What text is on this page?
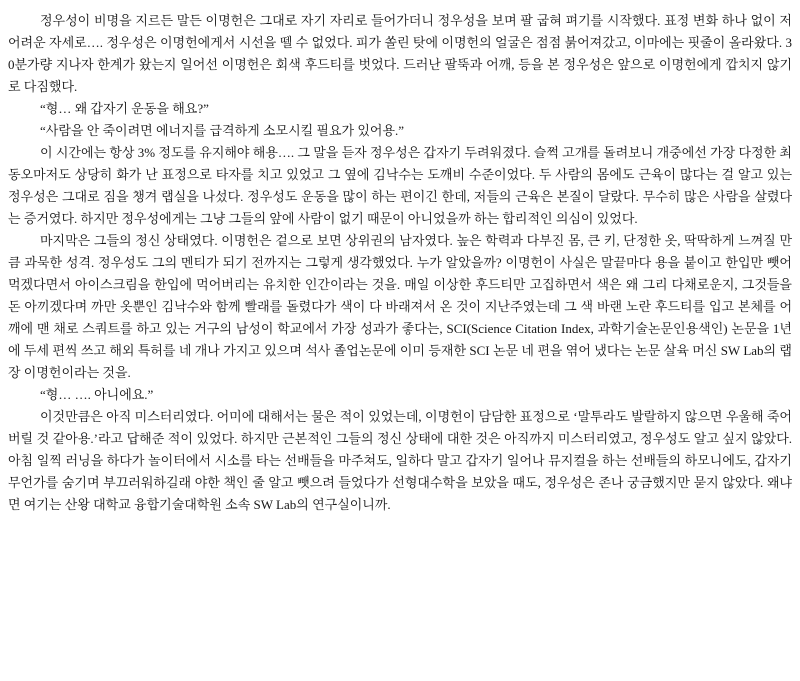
정우성이 비명을 지르든 말든 이명헌은 그대로 자기 자리로 들어가더니 정우성을 보며 팔 굽혀 펴기를 시작했다. 표정 변화 하나 없이 저 어려운 자세로…. 정우성은 이명헌에게서 시선을 뗄 수 없었다. 피가 쏠린 탓에 이명헌의 얼굴은 점점 붉어져갔고, 이마에는 핏줄이 올라왔다. 30분가량 지나자 한계가 왔는지 일어선 이명헌은 회색 후드티를 벗었다. 드러난 팔뚝과 어깨, 등을 본 정우성은 앞으로 이명헌에게 깝치지 않기로 다짐했다.

“형… 왜 갑자기 운동을 해요?”

“사람을 안 죽이려면 에너지를 급격하게 소모시킬 필요가 있어용.”

이 시간에는 항상 3% 정도를 유지해야 해용…. 그 말을 듣자 정우성은 갑자기 두려워졌다. 슬쩍 고개를 돌려보니 개중에선 가장 다정한 최동오마저도 상당히 화가 난 표정으로 타자를 치고 있었고 그 옆에 김낙수는 도깨비 수준이었다. 두 사람의 몸에도 근육이 많다는 걸 알고 있는 정우성은 그대로 짐을 챙겨 랩실을 나섰다. 정우성도 운동을 많이 하는 편이긴 한데, 저들의 근육은 본질이 달랐다. 무수히 많은 사람을 살렸다는 증거였다. 하지만 정우성에게는 그냥 그들의 앞에 사람이 없기 때문이 아니었을까 하는 합리적인 의심이 있었다.

마지막은 그들의 정신 상태였다. 이명헌은 겉으로 보면 상위권의 남자였다. 높은 학력과 다부진 몸, 큰 키, 단정한 옷, 딱딱하게 느껴질 만큼 과묵한 성격. 정우성도 그의 멘티가 되기 전까지는 그렇게 생각했었다. 누가 알았을까? 이명헌이 사실은 말끝마다 용을 붙이고 한입만 뺏어 먹겠다면서 아이스크림을 한입에 먹어버리는 유치한 인간이라는 것을. 매일 이상한 후드티만 고집하면서 색은 왜 그리 다채로운지, 그것들을 돈 아끼겠다며 까만 옷뿐인 김낙수와 함께 빨래를 돌렸다가 색이 다 바래져서 온 것이 지난주였는데 그 색 바랜 노란 후드티를 입고 본체를 어깨에 맨 채로 스쿼트를 하고 있는 거구의 남성이 학교에서 가장 성과가 좋다는, SCI(Science Citation Index, 과학기술논문인용색인) 논문을 1년에 두세 편씩 쓰고 해외 특허를 네 개나 가지고 있으며 석사 졸업논문에 이미 등재한 SCI 논문 네 편을 엮어 냈다는 논문 살육 머신 SW Lab의 랩장 이명헌이라는 것을.

“형… …. 아니에요.”

이것만큼은 아직 미스터리였다. 어미에 대해서는 물은 적이 있었는데, 이명헌이 담담한 표정으로 ‘말투라도 발랄하지 않으면 우울해 죽어버릴 것 같아용.’라고 답해준 적이 있었다. 하지만 근본적인 그들의 정신 상태에 대한 것은 아직까지 미스터리였고, 정우성도 알고 싶지 않았다. 아침 일찍 러닝을 하다가 놀이터에서 시소를 타는 선배들을 마주쳐도, 일하다 말고 갑자기 일어나 뮤지컬을 하는 선배들의 하모니에도, 갑자기 무언가를 숨기며 부끄러워하길래 야한 책인 줄 알고 뺏으려 들었다가 선형대수학을 보았을 때도, 정우성은 존나 궁금했지만 묻지 않았다. 왜냐면 여기는 산왕 대학교 융합기술대학원 소속 SW Lab의 연구실이니까.
